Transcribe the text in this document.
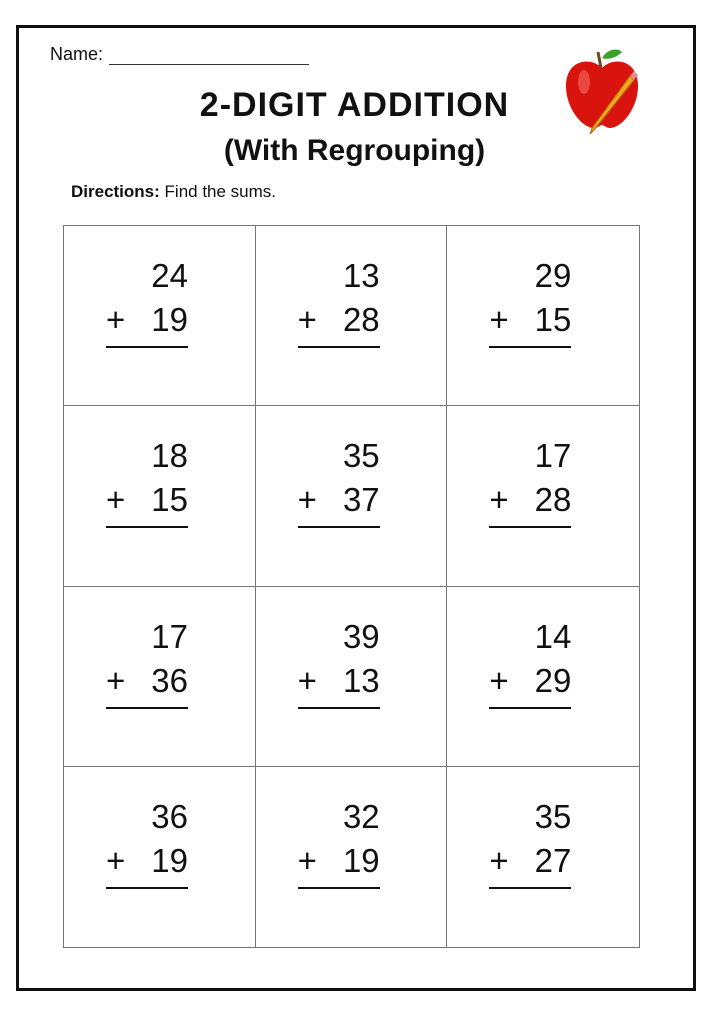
Name:
2-DIGIT ADDITION
(With Regrouping)
Directions: Find the sums.
24
+ 19
13
+ 28
29
+ 15
18
+ 15
35
+ 37
17
+ 28
17
+ 36
39
+ 13
14
+ 29
36
+ 19
32
+ 19
35
+ 27
